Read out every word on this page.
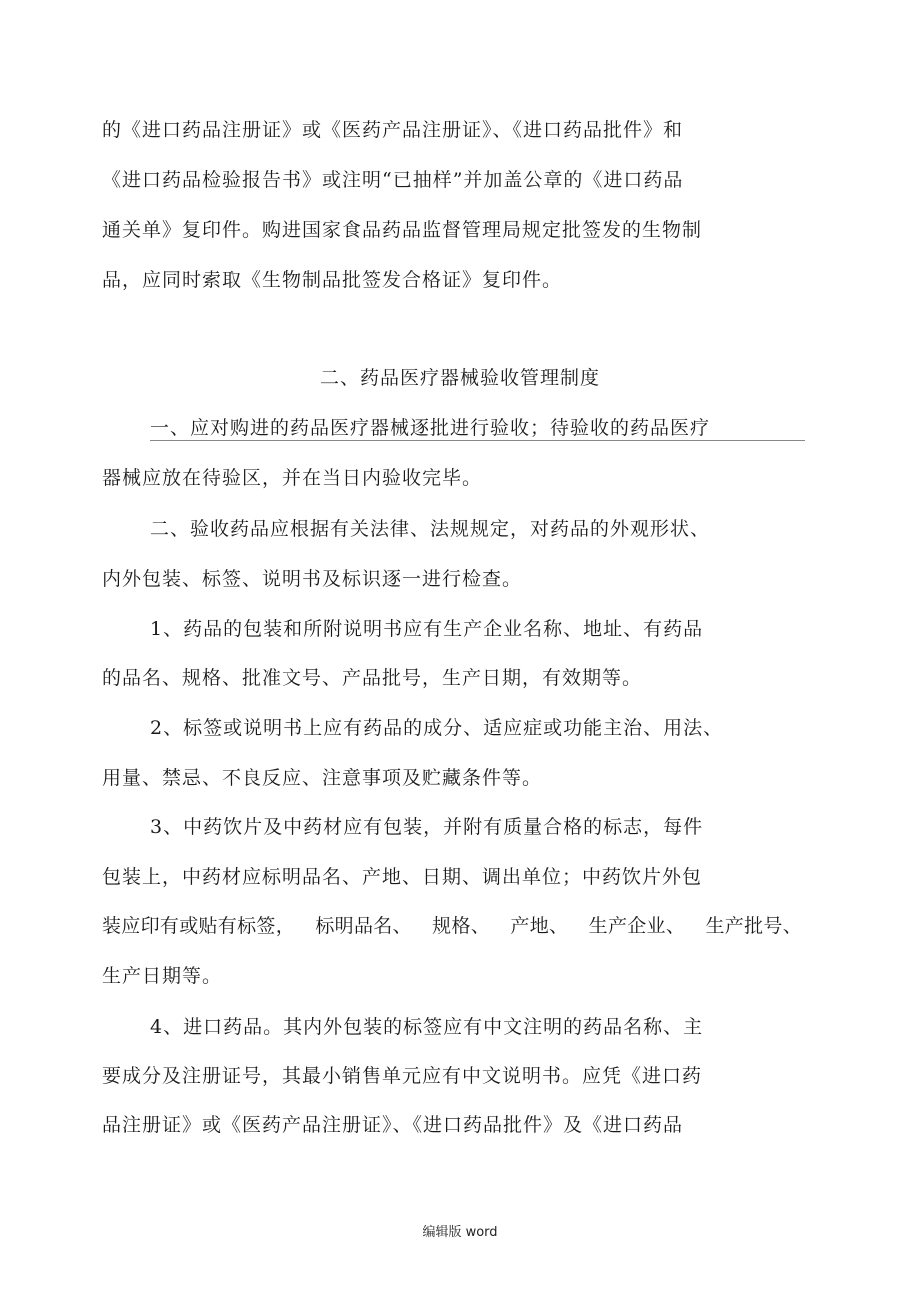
的《进口药品注册证》或《医药产品注册证》、《进口药品批件》和
《进口药品检验报告书》或注明“已抽样”并加盖公章的《进口药品
通关单》复印件。购进国家食品药品监督管理局规定批签发的生物制
品，应同时索取《生物制品批签发合格证》复印件。
二、药品医疗器械验收管理制度
一、应对购进的药品医疗器械逐批进行验收；待验收的药品医疗
器械应放在待验区，并在当日内验收完毕。
二、验收药品应根据有关法律、法规规定，对药品的外观形状、
内外包装、标签、说明书及标识逐一进行检查。
1、药品的包装和所附说明书应有生产企业名称、地址、有药品
的品名、规格、批准文号、产品批号，生产日期，有效期等。
2、标签或说明书上应有药品的成分、适应症或功能主治、用法、
用量、禁忌、不良反应、注意事项及贮藏条件等。
3、中药饮片及中药材应有包装，并附有质量合格的标志，每件
包装上，中药材应标明品名、产地、日期、调出单位；中药饮片外包
装应印有或贴有标签， 标明品名、 规格、 产地、 生产企业、 生产批号、
生产日期等。
4、进口药品。其内外包装的标签应有中文注明的药品名称、主
要成分及注册证号，其最小销售单元应有中文说明书。应凭《进口药
品注册证》或《医药产品注册证》、《进口药品批件》及《进口药品
编辑版 word
